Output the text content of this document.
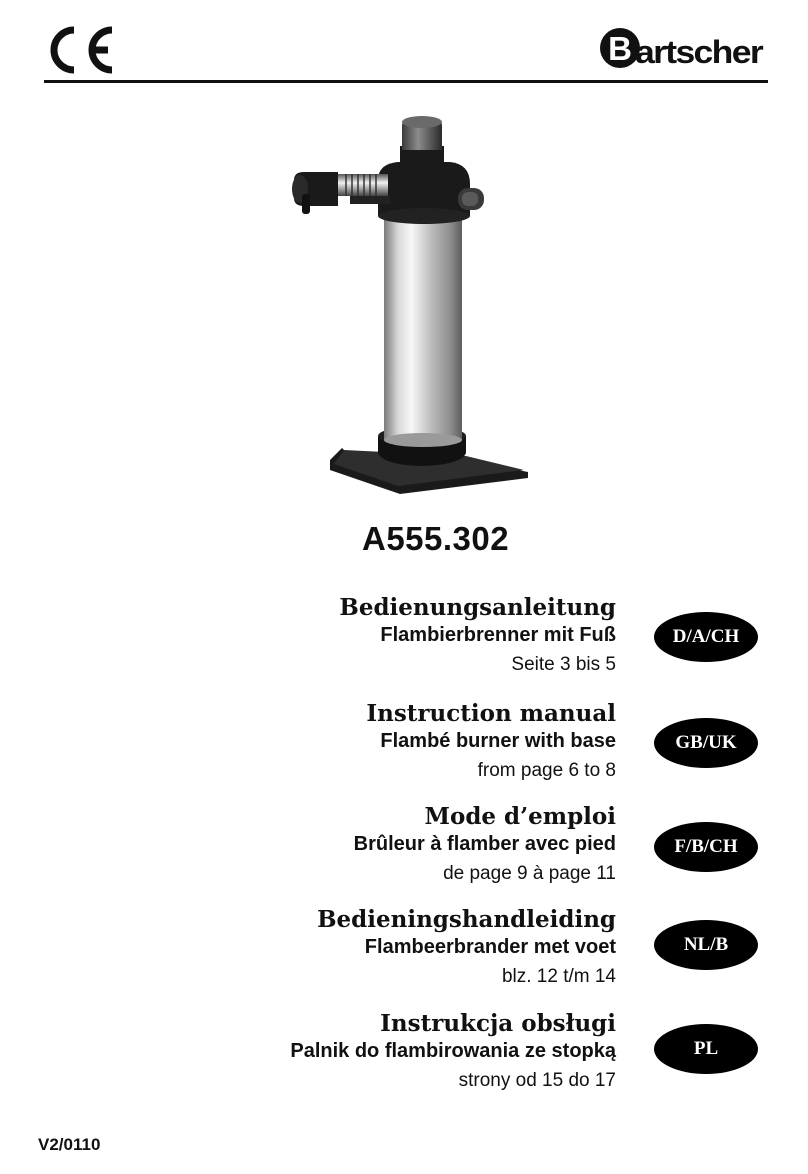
B artscher
A555.302
Bedienungsanleitung
Flambierbrenner mit Fuß
Seite 3 bis 5
D/A/CH
Instruction manual
Flambé burner with base
from page 6 to 8
GB/UK
Mode d’emploi
Brûleur à flamber avec pied
de page 9 à page 11
F/B/CH
Bedieningshandleiding
Flambeerbrander met voet
blz. 12 t/m 14
NL/B
Instrukcja obsługi
Palnik do flambirowania ze stopką
strony od 15 do 17
PL
V2/0110
